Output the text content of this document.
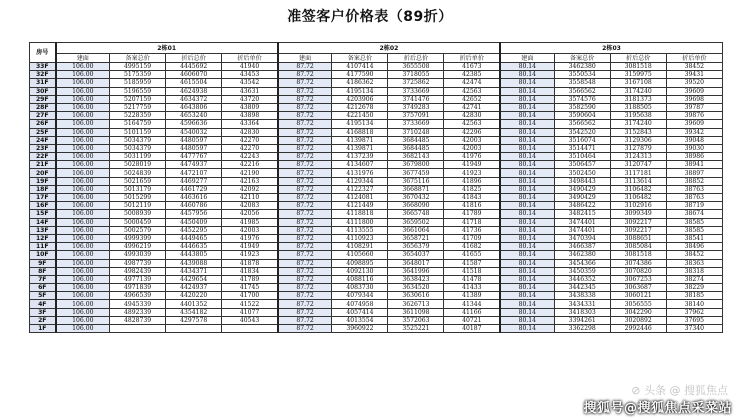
准签客户价格表（89折）
房号	2栋01				2栋02				2栋03			
	建面	备案总价	折后总价	折后单价	建面	备案总价	折后总价	折后单价	建面	备案总价	折后总价	折后单价
33F	106.00	4995159	4445692	41940	87.72	4107414	3655508	41673	80.14	3462380	3081518	38452
32F	106.00	5175359	4606070	43453	87.72	4177590	3718055	42385	80.14	3550534	3159975	39431
31F	106.00	5185959	4615504	43542	87.72	4186362	3725862	42474	80.14	3558548	3167108	39520
30F	106.00	5196559	4624938	43631	87.72	4195134	3733669	42563	80.14	3566562	3174240	39609
29F	106.00	5207159	4634372	43720	87.72	4203906	3741476	42652	80.14	3574576	3181373	39698
28F	106.00	5217759	4643806	43809	87.72	4212678	3749283	42741	80.14	3582590	3188505	39787
27F	106.00	5228359	4653240	43898	87.72	4221450	3757091	42830	80.14	3590604	3195638	39876
26F	106.00	5164759	4596636	43364	87.72	4195134	3733669	42563	80.14	3566562	3174240	39609
25F	106.00	5101159	4540032	42830	87.72	4168818	3710248	42296	80.14	3542520	3152843	39342
24F	106.00	5034379	4480597	42270	87.72	4139871	3684485	42003	80.14	3516074	3129306	39048
23F	106.00	5034379	4480597	42270	87.72	4139871	3684485	42003	80.14	3514471	3127879	39030
22F	106.00	5031199	4477767	42243	87.72	4137239	3682143	41976	80.14	3510464	3124313	38986
21F	106.00	5028019	4474937	42216	87.72	4134607	3679800	41949	80.14	3506457	3120747	38941
20F	106.00	5024839	4472107	42190	87.72	4131976	3677459	41923	80.14	3502450	3117181	38897
19F	106.00	5021659	4469277	42163	87.72	4129344	3675116	41896	80.14	3498443	3113614	38852
18F	106.00	5013179	4461729	42092	87.72	4122327	3668871	41825	80.14	3490429	3106482	38763
17F	106.00	5015299	4463616	42110	87.72	4124081	3670432	41843	80.14	3490429	3106482	38763
16F	106.00	5012119	4460786	42083	87.72	4121449	3668090	41816	80.14	3486422	3102916	38719
15F	106.00	5008939	4457956	42056	87.72	4118818	3665748	41789	80.14	3482415	3099349	38674
14F	106.00	5000459	4450409	41985	87.72	4111800	3659502	41718	80.14	3474401	3092217	38585
13F	106.00	5002579	4452295	42003	87.72	4113555	3661064	41736	80.14	3474401	3092217	38585
12F	106.00	4999399	4449465	41976	87.72	4110923	3658721	41709	80.14	3470394	3088651	38541
11F	106.00	4996219	4446635	41949	87.72	4108291	3656379	41682	80.14	3466387	3085084	38496
10F	106.00	4993039	4443805	41923	87.72	4105660	3654037	41655	80.14	3462380	3081518	38452
9F	106.00	4987739	4439088	41878	87.72	4098895	3648017	41587	80.14	3454366	3074386	38363
8F	106.00	4982439	4434371	41834	87.72	4092130	3641996	41518	80.14	3450359	3070820	38318
7F	106.00	4977139	4429654	41789	87.72	4088116	3638423	41478	80.14	3446352	3067253	38274
6F	106.00	4971839	4424937	41745	87.72	4083730	3634520	41433	80.14	3442345	3063687	38229
5F	106.00	4966539	4420220	41700	87.72	4079344	3630616	41389	80.14	3438338	3060121	38185
4F	106.00	4945339	4401352	41522	87.72	4074958	3626713	41344	80.14	3434331	3056555	38140
3F	106.00	4892339	4354182	41077	87.72	4057414	3611098	41166	80.14	3418303	3042290	37962
2F	106.00	4828739	4297578	40543	87.72	4013554	3572063	40721	80.14	3394261	3020892	37695
1F	106.00				87.72	3960922	3525221	40187	80.14	3362298	2992446	37340
⊘ 头条 @ 搜狐焦点
搜狐号@搜狐焦点采菜站
